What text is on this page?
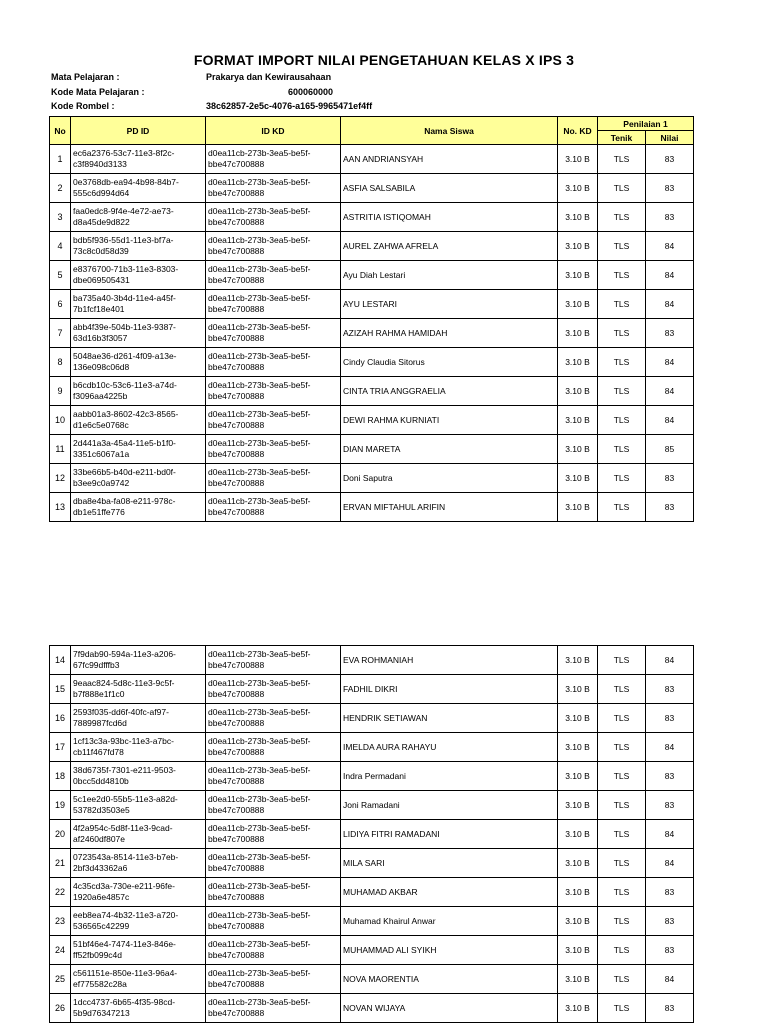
FORMAT IMPORT NILAI PENGETAHUAN KELAS X IPS 3
Mata Pelajaran :	Prakarya dan Kewirausahaan
Kode Mata Pelajaran :	600060000
Kode Rombel :	38c62857-2e5c-4076-a165-9965471ef4ff
No	PD ID	ID KD	Nama Siswa	No. KD	Penilaian 1	
					Tenik	Nilai
1	ec6a2376-53c7-11e3-8f2c-
c3f8940d3133	d0ea11cb-273b-3ea5-be5f-
bbe47c700888	AAN ANDRIANSYAH	3.10 B	TLS	83
2	0e3768db-ea94-4b98-84b7-
555c6d994d64	d0ea11cb-273b-3ea5-be5f-
bbe47c700888	ASFIA SALSABILA	3.10 B	TLS	83
3	faa0edc8-9f4e-4e72-ae73-
d8a45de9d822	d0ea11cb-273b-3ea5-be5f-
bbe47c700888	ASTRITIA ISTIQOMAH	3.10 B	TLS	83
4	bdb5f936-55d1-11e3-bf7a-
73c8c0d58d39	d0ea11cb-273b-3ea5-be5f-
bbe47c700888	AUREL ZAHWA AFRELA	3.10 B	TLS	84
5	e8376700-71b3-11e3-8303-
dbe069505431	d0ea11cb-273b-3ea5-be5f-
bbe47c700888	Ayu Diah Lestari	3.10 B	TLS	84
6	ba735a40-3b4d-11e4-a45f-
7b1fcf18e401	d0ea11cb-273b-3ea5-be5f-
bbe47c700888	AYU LESTARI	3.10 B	TLS	84
7	abb4f39e-504b-11e3-9387-
63d16b3f3057	d0ea11cb-273b-3ea5-be5f-
bbe47c700888	AZIZAH RAHMA HAMIDAH	3.10 B	TLS	83
8	5048ae36-d261-4f09-a13e-
136e098c06d8	d0ea11cb-273b-3ea5-be5f-
bbe47c700888	Cindy Claudia Sitorus	3.10 B	TLS	84
9	b6cdb10c-53c6-11e3-a74d-
f3096aa4225b	d0ea11cb-273b-3ea5-be5f-
bbe47c700888	CINTA TRIA ANGGRAELIA	3.10 B	TLS	84
10	aabb01a3-8602-42c3-8565-
d1e6c5e0768c	d0ea11cb-273b-3ea5-be5f-
bbe47c700888	DEWI RAHMA KURNIATI	3.10 B	TLS	84
11	2d441a3a-45a4-11e5-b1f0-
3351c6067a1a	d0ea11cb-273b-3ea5-be5f-
bbe47c700888	DIAN MARETA	3.10 B	TLS	85
12	33be66b5-b40d-e211-bd0f-
b3ee9c0a9742	d0ea11cb-273b-3ea5-be5f-
bbe47c700888	Doni Saputra	3.10 B	TLS	83
13	dba8e4ba-fa08-e211-978c-
db1e51ffe776	d0ea11cb-273b-3ea5-be5f-
bbe47c700888	ERVAN MIFTAHUL ARIFIN	3.10 B	TLS	83
14	7f9dab90-594a-11e3-a206-
67fc99dfffb3	d0ea11cb-273b-3ea5-be5f-
bbe47c700888	EVA ROHMANIAH	3.10 B	TLS	84
15	9eaac824-5d8c-11e3-9c5f-
b7f888e1f1c0	d0ea11cb-273b-3ea5-be5f-
bbe47c700888	FADHIL DIKRI	3.10 B	TLS	83
16	2593f035-dd6f-40fc-af97-
7889987fcd6d	d0ea11cb-273b-3ea5-be5f-
bbe47c700888	HENDRIK SETIAWAN	3.10 B	TLS	83
17	1cf13c3a-93bc-11e3-a7bc-
cb11f467fd78	d0ea11cb-273b-3ea5-be5f-
bbe47c700888	IMELDA AURA RAHAYU	3.10 B	TLS	84
18	38d6735f-7301-e211-9503-
0bcc5dd4810b	d0ea11cb-273b-3ea5-be5f-
bbe47c700888	Indra Permadani	3.10 B	TLS	83
19	5c1ee2d0-55b5-11e3-a82d-
53782d3503e5	d0ea11cb-273b-3ea5-be5f-
bbe47c700888	Joni Ramadani	3.10 B	TLS	83
20	4f2a954c-5d8f-11e3-9cad-
af2460df807e	d0ea11cb-273b-3ea5-be5f-
bbe47c700888	LIDIYA FITRI RAMADANI	3.10 B	TLS	84
21	0723543a-8514-11e3-b7eb-
2bf3d43362a6	d0ea11cb-273b-3ea5-be5f-
bbe47c700888	MILA SARI	3.10 B	TLS	84
22	4c35cd3a-730e-e211-96fe-
1920a6e4857c	d0ea11cb-273b-3ea5-be5f-
bbe47c700888	MUHAMAD AKBAR	3.10 B	TLS	83
23	eeb8ea74-4b32-11e3-a720-
536565c42299	d0ea11cb-273b-3ea5-be5f-
bbe47c700888	Muhamad Khairul Anwar	3.10 B	TLS	83
24	51bf46e4-7474-11e3-846e-
ff52fb099c4d	d0ea11cb-273b-3ea5-be5f-
bbe47c700888	MUHAMMAD ALI SYIKH	3.10 B	TLS	83
25	c561151e-850e-11e3-96a4-
ef775582c28a	d0ea11cb-273b-3ea5-be5f-
bbe47c700888	NOVA MAORENTIA	3.10 B	TLS	84
26	1dcc4737-6b65-4f35-98cd-
5b9d76347213	d0ea11cb-273b-3ea5-be5f-
bbe47c700888	NOVAN WIJAYA	3.10 B	TLS	83
